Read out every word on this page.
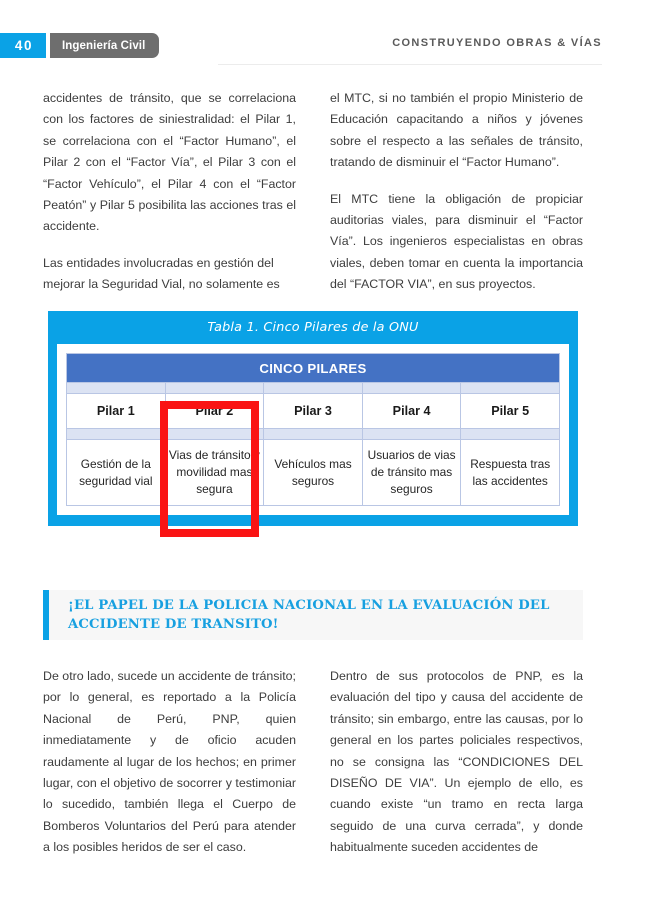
40	Ingeniería Civil	CONSTRUYENDO OBRAS & VÍAS

accidentes de tránsito, que se correlaciona con los factores de siniestralidad: el Pilar 1, se correlaciona con el “Factor Humano”, el Pilar 2 con el “Factor Vía”, el Pilar 3 con el “Factor Vehículo”, el Pilar 4 con el “Factor Peatón” y Pilar 5 posibilita las acciones tras el accidente.

Las entidades involucradas en gestión del mejorar la Seguridad Vial, no solamente es

el MTC, si no también el propio Ministerio de Educación capacitando a niños y jóvenes sobre el respecto a las señales de tránsito, tratando de disminuir el “Factor Humano”.

El MTC tiene la obligación de propiciar auditorias viales, para disminuir el “Factor Vía”. Los ingenieros especialistas en obras viales, deben tomar en cuenta la importancia del “FACTOR VIA”, en sus proyectos.

Tabla 1. Cinco Pilares de la ONU
CINCO PILARES				

Pilar 1	Pilar 2	Pilar 3	Pilar 4	Pilar 5

Gestión de la seguridad vial	Vias de tránsito y movilidad mas segura	Vehículos mas seguros	Usuarios de vias de tránsito mas seguros	Respuesta tras las accidentes
¡EL PAPEL DE LA POLICIA NACIONAL EN LA EVALUACIÓN DEL ACCIDENTE DE TRANSITO!

De otro lado, sucede un accidente de tránsito; por lo general, es reportado a la Policía Nacional de Perú, PNP, quien inmediatamente y de oficio acuden raudamente al lugar de los hechos; en primer lugar, con el objetivo de socorrer y testimoniar lo sucedido, también llega el Cuerpo de Bomberos Voluntarios del Perú para atender a los posibles heridos de ser el caso.

Dentro de sus protocolos de PNP, es la evaluación del tipo y causa del accidente de tránsito; sin embargo, entre las causas, por lo general en los partes policiales respectivos, no se consigna las “CONDICIONES DEL DISEÑO DE VIA”. Un ejemplo de ello, es cuando existe “un tramo en recta larga seguido de una curva cerrada”, y donde habitualmente suceden accidentes de
